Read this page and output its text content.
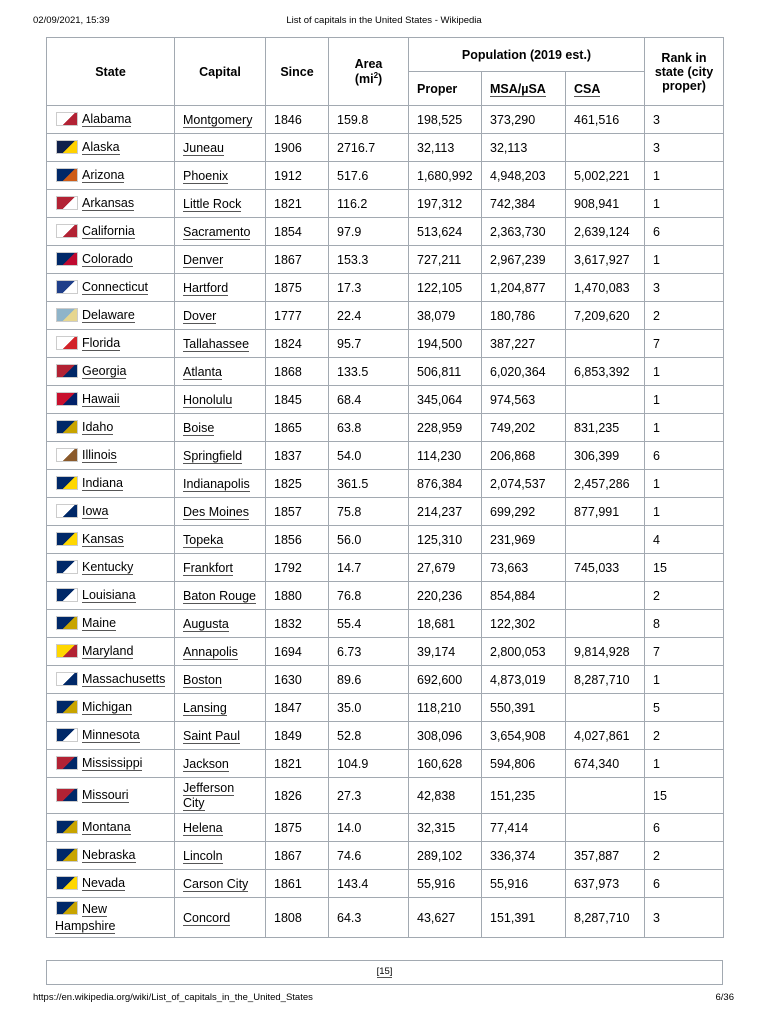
02/09/2021, 15:39	List of capitals in the United States - Wikipedia
State	Capital	Since	Area
$(mi^2)$	Population (2019 est.)			Rank in state (city proper)
				Proper	MSA/µSA	CSA	
Alabama	Montgomery	1846	159.8	198,525	373,290	461,516	3
Alaska	Juneau	1906	2716.7	32,113	32,113		3
Arizona	Phoenix	1912	517.6	1,680,992	4,948,203	5,002,221	1
Arkansas	Little Rock	1821	116.2	197,312	742,384	908,941	1
California	Sacramento	1854	97.9	513,624	2,363,730	2,639,124	6
Colorado	Denver	1867	153.3	727,211	2,967,239	3,617,927	1
Connecticut	Hartford	1875	17.3	122,105	1,204,877	1,470,083	3
Delaware	Dover	1777	22.4	38,079	180,786	7,209,620	2
Florida	Tallahassee	1824	95.7	194,500	387,227		7
Georgia	Atlanta	1868	133.5	506,811	6,020,364	6,853,392	1
Hawaii	Honolulu	1845	68.4	345,064	974,563		1
Idaho	Boise	1865	63.8	228,959	749,202	831,235	1
Illinois	Springfield	1837	54.0	114,230	206,868	306,399	6
Indiana	Indianapolis	1825	361.5	876,384	2,074,537	2,457,286	1
Iowa	Des Moines	1857	75.8	214,237	699,292	877,991	1
Kansas	Topeka	1856	56.0	125,310	231,969		4
Kentucky	Frankfort	1792	14.7	27,679	73,663	745,033	15
Louisiana	Baton Rouge	1880	76.8	220,236	854,884		2
Maine	Augusta	1832	55.4	18,681	122,302		8
Maryland	Annapolis	1694	6.73	39,174	2,800,053	9,814,928	7
Massachusetts	Boston	1630	89.6	692,600	4,873,019	8,287,710	1
Michigan	Lansing	1847	35.0	118,210	550,391		5
Minnesota	Saint Paul	1849	52.8	308,096	3,654,908	4,027,861	2
Mississippi	Jackson	1821	104.9	160,628	594,806	674,340	1
Missouri	Jefferson City	1826	27.3	42,838	151,235		15
Montana	Helena	1875	14.0	32,315	77,414		6
Nebraska	Lincoln	1867	74.6	289,102	336,374	357,887	2
Nevada	Carson City	1861	143.4	55,916	55,916	637,973	6
New Hampshire	Concord	1808	64.3	43,627	151,391	8,287,710	3
[15]
https://en.wikipedia.org/wiki/List_of_capitals_in_the_United_States	6/36
